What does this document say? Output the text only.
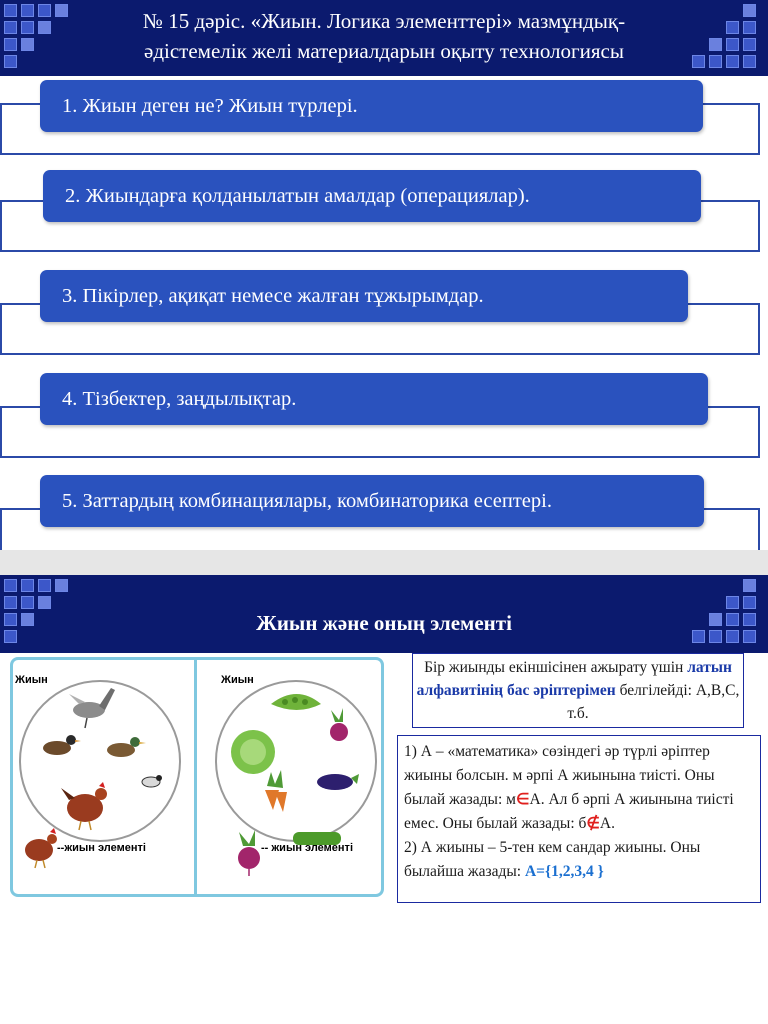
№ 15 дәріс. «Жиын. Логика элементтері» мазмұндық-
әдістемелік желі материалдарын оқыту технологиясы
1. Жиын деген не? Жиын түрлері.
2. Жиындарға қолданылатын амалдар (операциялар).
3. Пікірлер, ақиқат немесе жалған тұжырымдар.
4. Тізбектер, заңдылықтар.
5. Заттардың комбинациялары, комбинаторика есептері.
Жиын және оның элементі
Жиын
--жиын элементі
Жиын
-- жиын элементі
Бір жиынды екіншісінен ажырату үшін латын алфавитінің бас әріптерімен белгілейді: А,В,С, т.б.
1) А – «математика» сөзіндегі әр түрлі әріптер жиыны болсын. м әрпі А жиынына тиісті. Оны былай жазады: м∈А. Ал б әрпі А жиынына тиісті емес. Оны былай жазады: б∉А.
2) А жиыны – 5-тен кем сандар жиыны. Оны былайша жазады: А={1,2,3,4 }
